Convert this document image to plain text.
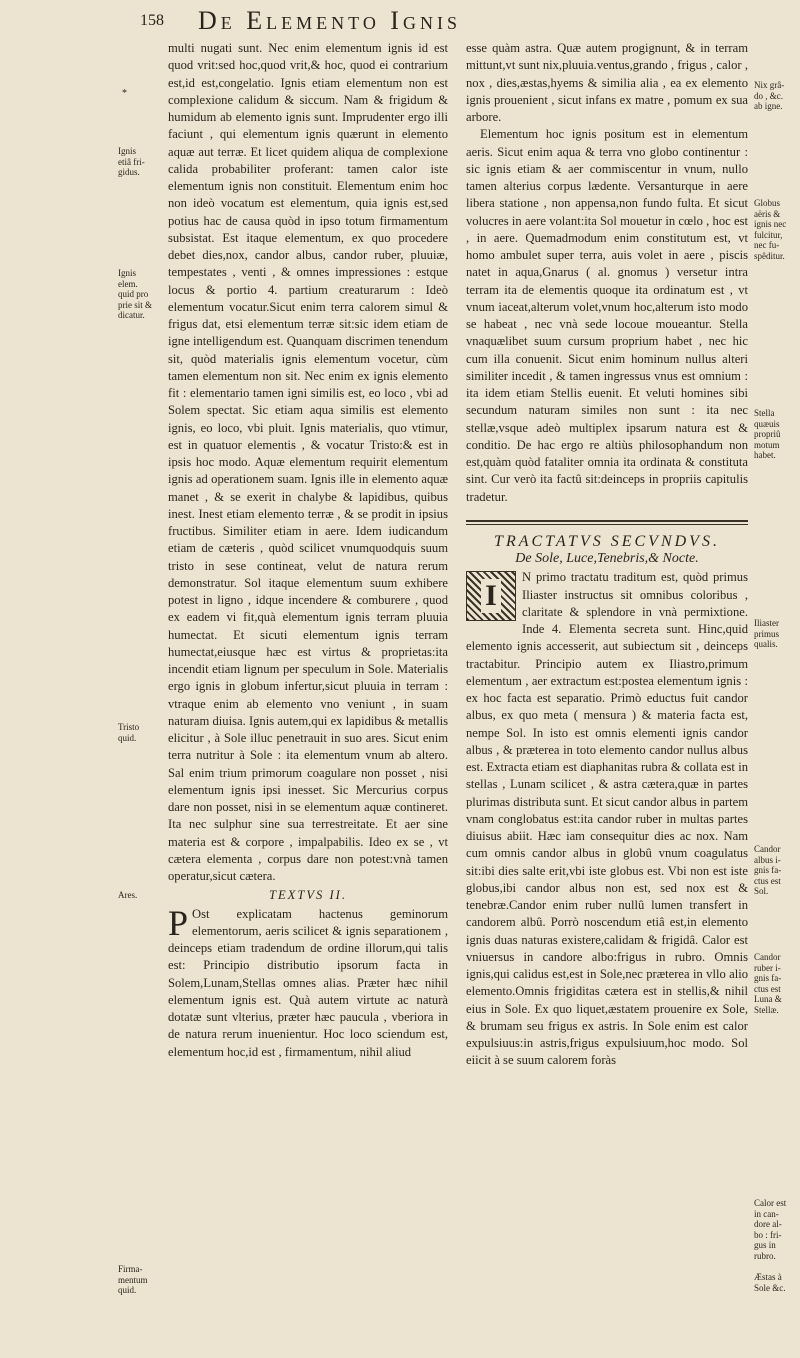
158 De Elemento Ignis
*
Ignis
etiâ fri-
gidus.
Ignis
elem.
quid pro
prie sit &
dicatur.
Tristo
quid.
Ares.
Firma-
mentum
quid.
Nix grâ-
do , &c.
ab igne.
Globus
aëris &
ignis nec
fulcitur,
nec fu-
spêditur.
Stella
quæuis
propriû
motum
habet.
Iliaster
primus
qualis.
Candor
albus i-
gnis fa-
ctus est
Sol.
Candor
ruber i-
gnis fa-
ctus est
Luna &
Stellæ.
Calor est
in can-
dore al-
bo : fri-
gus in
rubro.
Æstas à
Sole &c.

multi nugati sunt. Nec enim elementum ignis id est quod vrit:sed hoc,quod vrit,& hoc, quod ei contrarium est,id est,congelatio. Ignis etiam elementum non est complexione calidum & siccum. Nam & frigidum & humidum ab elemento ignis sunt. Imprudenter ergo illi faciunt , qui elementum ignis quærunt in elemento aquæ aut terræ. Et licet quidem aliqua de complexione calida probabiliter proferant: tamen calor iste elementum ignis non constituit. Elementum enim hoc non ideò vocatum est elementum, quia ignis est,sed potius hac de causa quòd in ipso totum firmamentum subsistat. Est itaque elementum, ex quo procedere debet dies,nox, candor albus, candor ruber, pluuiæ, tempestates , venti , & omnes impressiones : estque locus & portio 4. partium creaturarum : Ideò elementum vocatur.Sicut enim terra calorem simul & frigus dat, etsi elementum terræ sit:sic idem etiam de igne intelligendum est. Quanquam discrimen tenendum sit, quòd materialis ignis elementum vocetur, cùm tamen elementum non sit. Nec enim ex ignis elemento fit : elementario tamen igni similis est, eo loco , vbi ad Solem spectat. Sic etiam aqua similis est elemento ignis, eo loco, vbi pluit. Ignis materialis, quo vtimur, est in quatuor elementis , & vocatur Tristo:& est in ipsis hoc modo. Aquæ elementum requirit elementum ignis ad operationem suam. Ignis ille in elemento aquæ manet , & se exerit in chalybe & lapidibus, quibus inest. Inest etiam elemento terræ , & se prodit in ipsius fructibus. Similiter etiam in aere. Idem iudicandum etiam de cæteris , quòd scilicet vnumquodquis suum tristo in sese contineat, velut de natura rerum demonstratur. Sol itaque elementum suum exhibere potest in ligno , idque incendere & comburere , quod ex eadem vi fit,quà elementum ignis terram pluuia humectat. Et sicuti elementum ignis terram humectat,eiusque hæc est virtus & proprietas:ita incendit etiam lignum per speculum in Sole. Materialis ergo ignis in globum infertur,sicut pluuia in terram : vtraque enim ab elemento vno veniunt , in suam naturam diuisa. Ignis autem,qui ex lapidibus & metallis elicitur , à Sole illuc penetrauit in suo ares. Sicut enim terra nutritur à Sole : ita elementum vnum ab altero. Sal enim trium primorum coagulare non posset , nisi elementum ignis ipsi inesset. Sic Mercurius corpus dare non posset, nisi in se elementum aquæ contineret. Ita nec sulphur sine sua terrestreitate. Et aer sine materia est & corpore , impalpabilis. Ideo ex se , vt cætera elementa , corpus dare non potest:vnà tamen operatur,sicut cætera.

TEXTVS II.

P Ost explicatam hactenus geminorum elementorum, aeris scilicet & ignis separationem , deinceps etiam tradendum de ordine illorum,qui talis est: Principio distributio ipsorum facta in Solem,Lunam,Stellas omnes alias. Præter hæc nihil elementum ignis est. Quà autem virtute ac naturà dotatæ sunt vlterius, præter hæc paucula , vberiora in de natura rerum inuenientur. Hoc loco sciendum est, elementum hoc,id est , firmamentum, nihil aliud

esse quàm astra. Quæ autem progignunt, & in terram mittunt,vt sunt nix,pluuia.ventus,grando , frigus , calor , nox , dies,æstas,hyems & similia alia , ea ex elemento ignis prouenient , sicut infans ex matre , pomum ex sua arbore.

Elementum hoc ignis positum est in elementum aeris. Sicut enim aqua & terra vno globo continentur : sic ignis etiam & aer commiscentur in vnum, nullo tamen alterius corpus lædente. Versanturque in aere libera statione , non appensa,non fundo fulta. Et sicut volucres in aere volant:ita Sol mouetur in cœlo , hoc est , in aere. Quemadmodum enim constitutum est, vt homo ambulet super terra, auis volet in aere , piscis natet in aqua,Gnarus ( al. gnomus ) versetur intra terram ita de elementis quoque ita ordinatum est , vt vnum iaceat,alterum volet,vnum hoc,alterum isto modo se habeat , nec vnà sede locoue moueantur. Stella vnaquælibet suum cursum proprium habet , nec hic cum illa conuenit. Sicut enim hominum nullus alteri similiter incedit , & tamen ingressus vnus est omnium : ita idem etiam Stellis euenit. Et veluti homines sibi secundum naturam similes non sunt : ita nec stellæ,vsque adeò multiplex ipsarum natura est & conditio. De hac ergo re altiùs philosophandum non est,quàm quòd fataliter omnia ita ordinata & constituta sint. Cur verò ita factû sit:deinceps in propriis capitulis tradetur.

TRACTATVS SECVNDVS.
De Sole, Luce,Tenebris,& Nocte.

I
N primo tractatu traditum est, quòd primus Iliaster instructus sit omnibus coloribus , claritate & splendore in vnà permixtione. Inde 4. Elementa secreta sunt. Hinc,quid elemento ignis accesserit, aut subiectum sit , deinceps tractabitur. Principio autem ex Iliastro,primum elementum , aer extractum est:postea elementum ignis : ex hoc facta est separatio. Primò eductus fuit candor albus, ex quo meta ( mensura ) & materia facta est, nempe Sol. In isto est omnis elementi ignis candor albus , & præterea in toto elemento candor nullus albus est. Extracta etiam est diaphanitas rubra & collata est in stellas , Lunam scilicet , & astra cætera,quæ in partes plurimas distributa sunt. Et sicut candor albus in partem vnam conglobatus est:ita candor ruber in multas partes diuisus abiit. Hæc iam consequitur dies ac nox. Nam cum omnis candor albus in globû vnum coagulatus sit:ibi dies salte erit,vbi iste globus est. Vbi non est iste globus,ibi candor albus non est, sed nox est & tenebræ.Candor enim ruber nullû lumen transfert in candorem albû. Porrò noscendum etiâ est,in elemento ignis duas naturas existere,calidam & frigidâ. Calor est vniuersus in candore albo:frigus in rubro. Omnis ignis,qui calidus est,est in Sole,nec præterea in vllo alio elemento.Omnis frigiditas cætera est in stellis,& nihil eius in Sole. Ex quo liquet,æstatem prouenire ex Sole, & brumam seu frigus ex astris. In Sole enim est calor expulsiuus:in astris,frigus expulsiuum,hoc modo. Sol eiicit à se suum calorem foràs
